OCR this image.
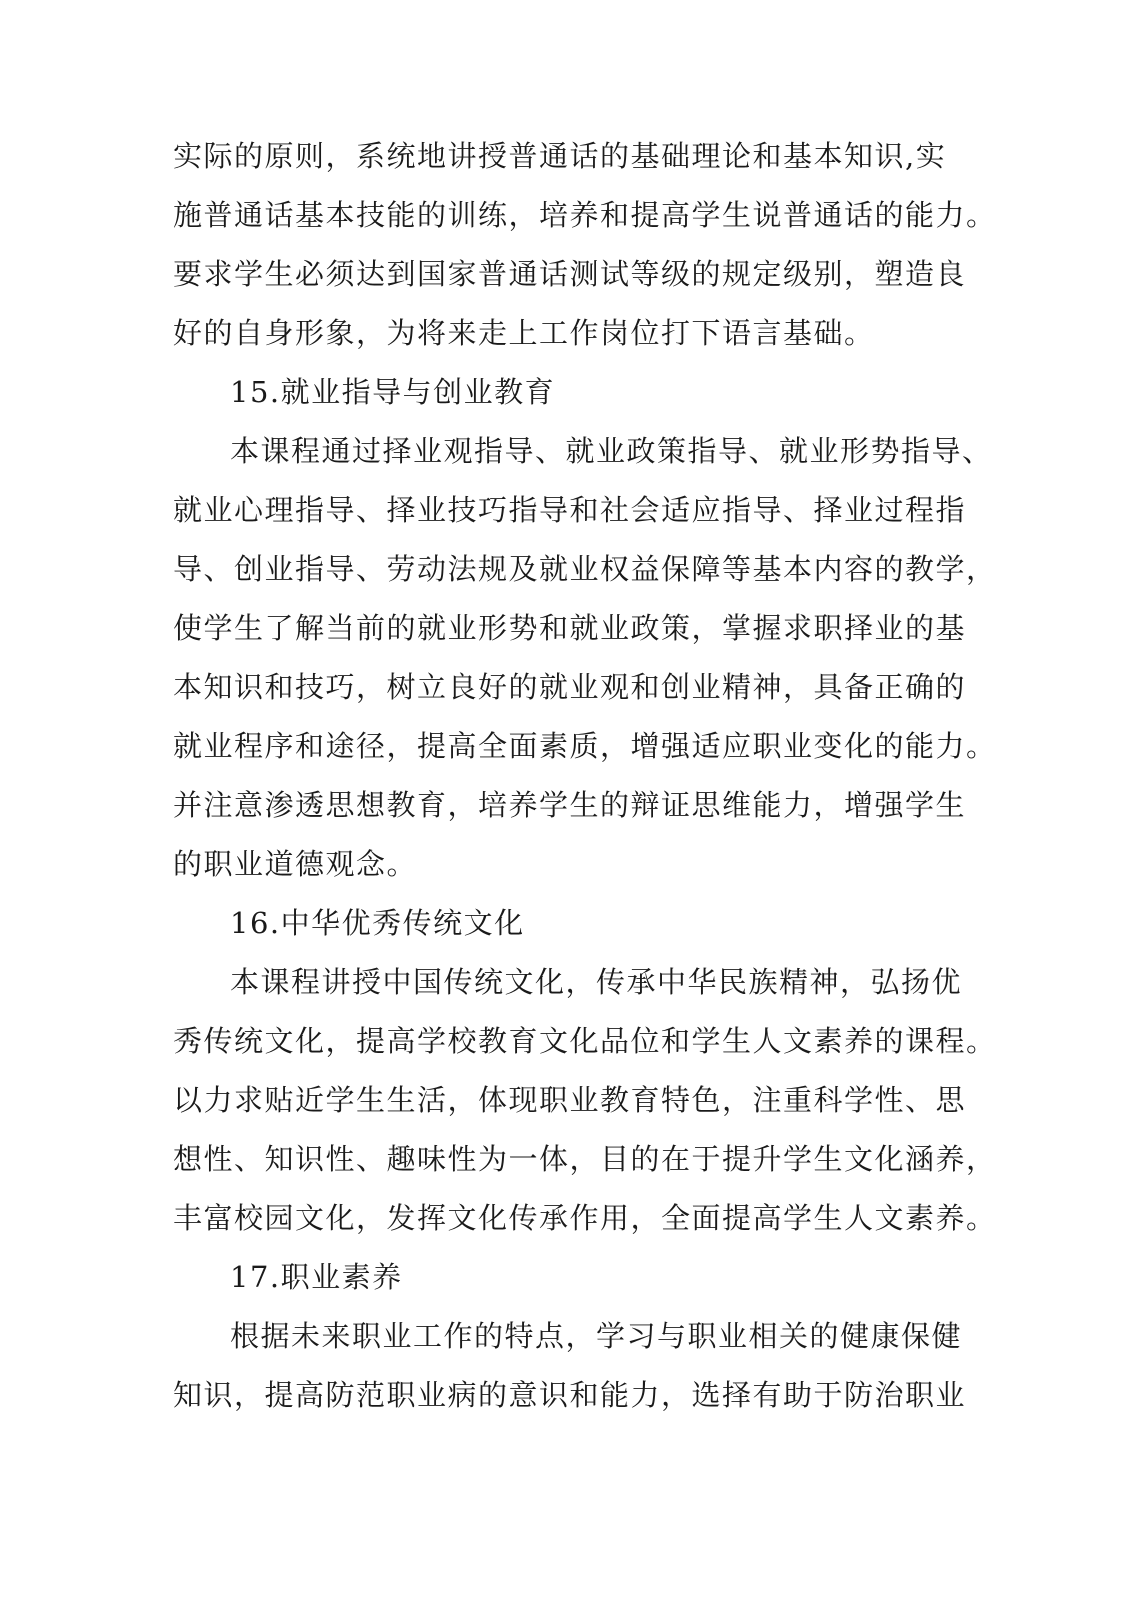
实际的原则，系统地讲授普通话的基础理论和基本知识,实
施普通话基本技能的训练，培养和提高学生说普通话的能力。
要求学生必须达到国家普通话测试等级的规定级别，塑造良
好的自身形象，为将来走上工作岗位打下语言基础。
15.就业指导与创业教育
本课程通过择业观指导、就业政策指导、就业形势指导、
就业心理指导、择业技巧指导和社会适应指导、择业过程指
导、创业指导、劳动法规及就业权益保障等基本内容的教学，
使学生了解当前的就业形势和就业政策，掌握求职择业的基
本知识和技巧，树立良好的就业观和创业精神，具备正确的
就业程序和途径，提高全面素质，增强适应职业变化的能力。
并注意渗透思想教育，培养学生的辩证思维能力，增强学生
的职业道德观念。
16.中华优秀传统文化
本课程讲授中国传统文化，传承中华民族精神，弘扬优
秀传统文化，提高学校教育文化品位和学生人文素养的课程。
以力求贴近学生生活，体现职业教育特色，注重科学性、思
想性、知识性、趣味性为一体，目的在于提升学生文化涵养，
丰富校园文化，发挥文化传承作用，全面提高学生人文素养。
17.职业素养
根据未来职业工作的特点，学习与职业相关的健康保健
知识，提高防范职业病的意识和能力，选择有助于防治职业
